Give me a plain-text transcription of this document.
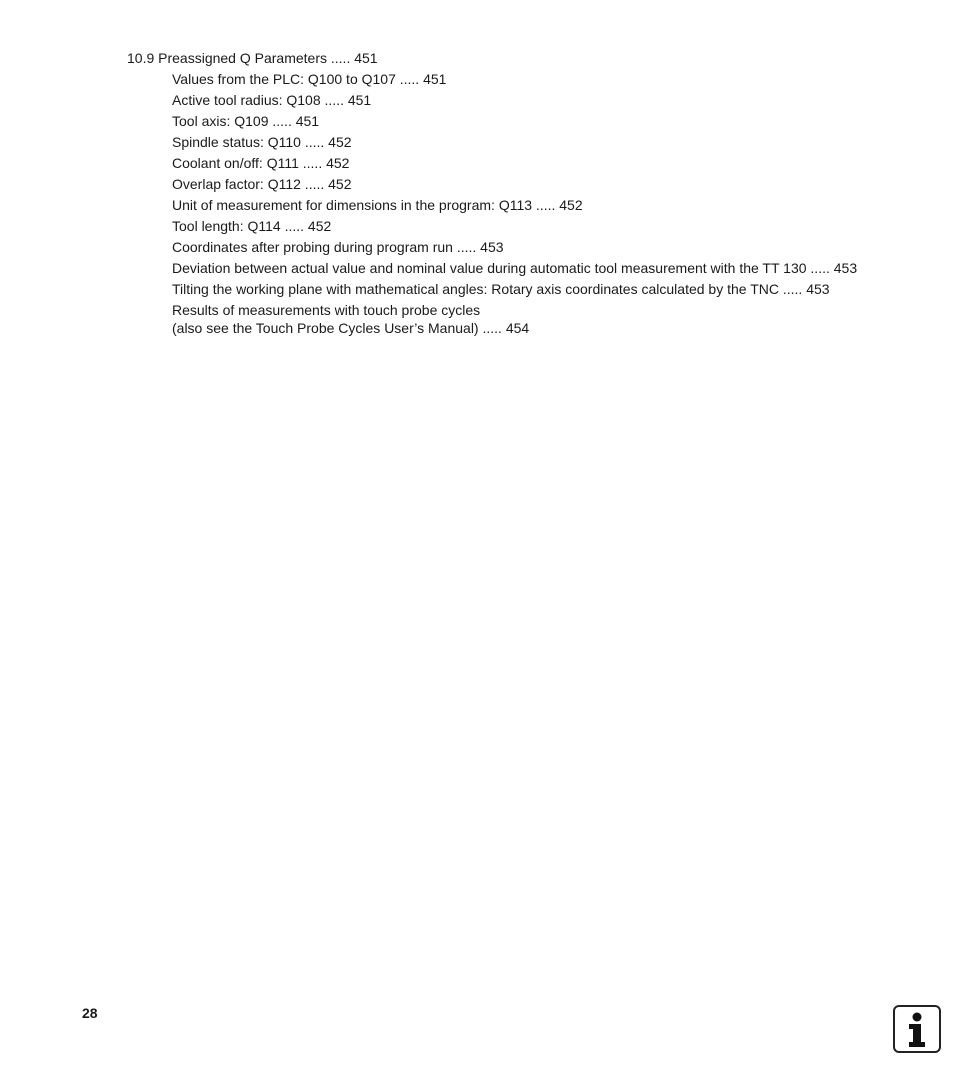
10.9 Preassigned Q Parameters ..... 451
Values from the PLC: Q100 to Q107 ..... 451
Active tool radius: Q108 ..... 451
Tool axis: Q109 ..... 451
Spindle status: Q110 ..... 452
Coolant on/off: Q111 ..... 452
Overlap factor: Q112 ..... 452
Unit of measurement for dimensions in the program: Q113 ..... 452
Tool length: Q114 ..... 452
Coordinates after probing during program run ..... 453
Deviation between actual value and nominal value during automatic tool measurement with the TT 130 ..... 453
Tilting the working plane with mathematical angles: Rotary axis coordinates calculated by the TNC ..... 453
Results of measurements with touch probe cycles
(also see the Touch Probe Cycles User’s Manual) ..... 454
28
